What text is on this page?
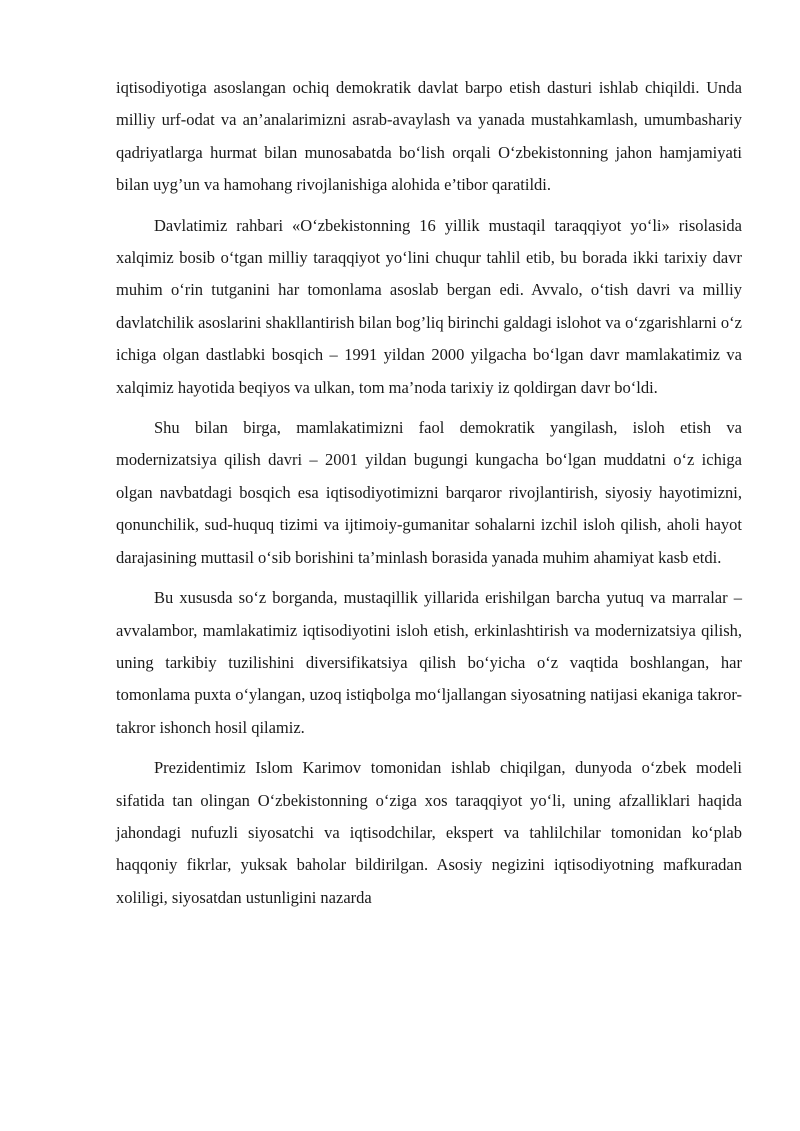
iqtisodiyotiga asoslangan ochiq demokratik davlat barpo etish dasturi ishlab chiqildi. Unda milliy urf-odat va an’analarimizni asrab-avaylash va yanada mustahkamlash, umumbashariy qadriyatlarga hurmat bilan munosabatda bo‘lish orqali O‘zbekistonning jahon hamjamiyati bilan uyg’un va hamohang rivojlanishiga alohida e’tibor qaratildi.

Davlatimiz rahbari «O‘zbekistonning 16 yillik mustaqil taraqqiyot yo‘li» risolasida xalqimiz bosib o‘tgan milliy taraqqiyot yo‘lini chuqur tahlil etib, bu borada ikki tarixiy davr muhim o‘rin tutganini har tomonlama asoslab bergan edi. Avvalo, o‘tish davri va milliy davlatchilik asoslarini shakllantirish bilan bog’liq birinchi galdagi islohot va o‘zgarishlarni o‘z ichiga olgan dastlabki bosqich – 1991 yildan 2000 yilgacha bo‘lgan davr mamlakatimiz va xalqimiz hayotida beqiyos va ulkan, tom ma’noda tarixiy iz qoldirgan davr bo‘ldi.

Shu bilan birga, mamlakatimizni faol demokratik yangilash, isloh etish va modernizatsiya qilish davri – 2001 yildan bugungi kungacha bo‘lgan muddatni o‘z ichiga olgan navbatdagi bosqich esa iqtisodiyotimizni barqaror rivojlantirish, siyosiy hayotimizni, qonunchilik, sud-huquq tizimi va ijtimoiy-gumanitar sohalarni izchil isloh qilish, aholi hayot darajasining muttasil o‘sib borishini ta’minlash borasida yanada muhim ahamiyat kasb etdi.

Bu xususda so‘z borganda, mustaqillik yillarida erishilgan barcha yutuq va marralar – avvalambor, mamlakatimiz iqtisodiyotini isloh etish, erkinlashtirish va modernizatsiya qilish, uning tarkibiy tuzilishini diversifikatsiya qilish bo‘yicha o‘z vaqtida boshlangan, har tomonlama puxta o‘ylangan, uzoq istiqbolga mo‘ljallangan siyosatning natijasi ekaniga takror-takror ishonch hosil qilamiz.

Prezidentimiz Islom Karimov tomonidan ishlab chiqilgan, dunyoda o‘zbek modeli sifatida tan olingan O‘zbekistonning o‘ziga xos taraqqiyot yo‘li, uning afzalliklari haqida jahondagi nufuzli siyosatchi va iqtisodchilar, ekspert va tahlilchilar tomonidan ko‘plab haqqoniy fikrlar, yuksak baholar bildirilgan. Asosiy negizini iqtisodiyotning mafkuradan xoliligi, siyosatdan ustunligini nazarda
